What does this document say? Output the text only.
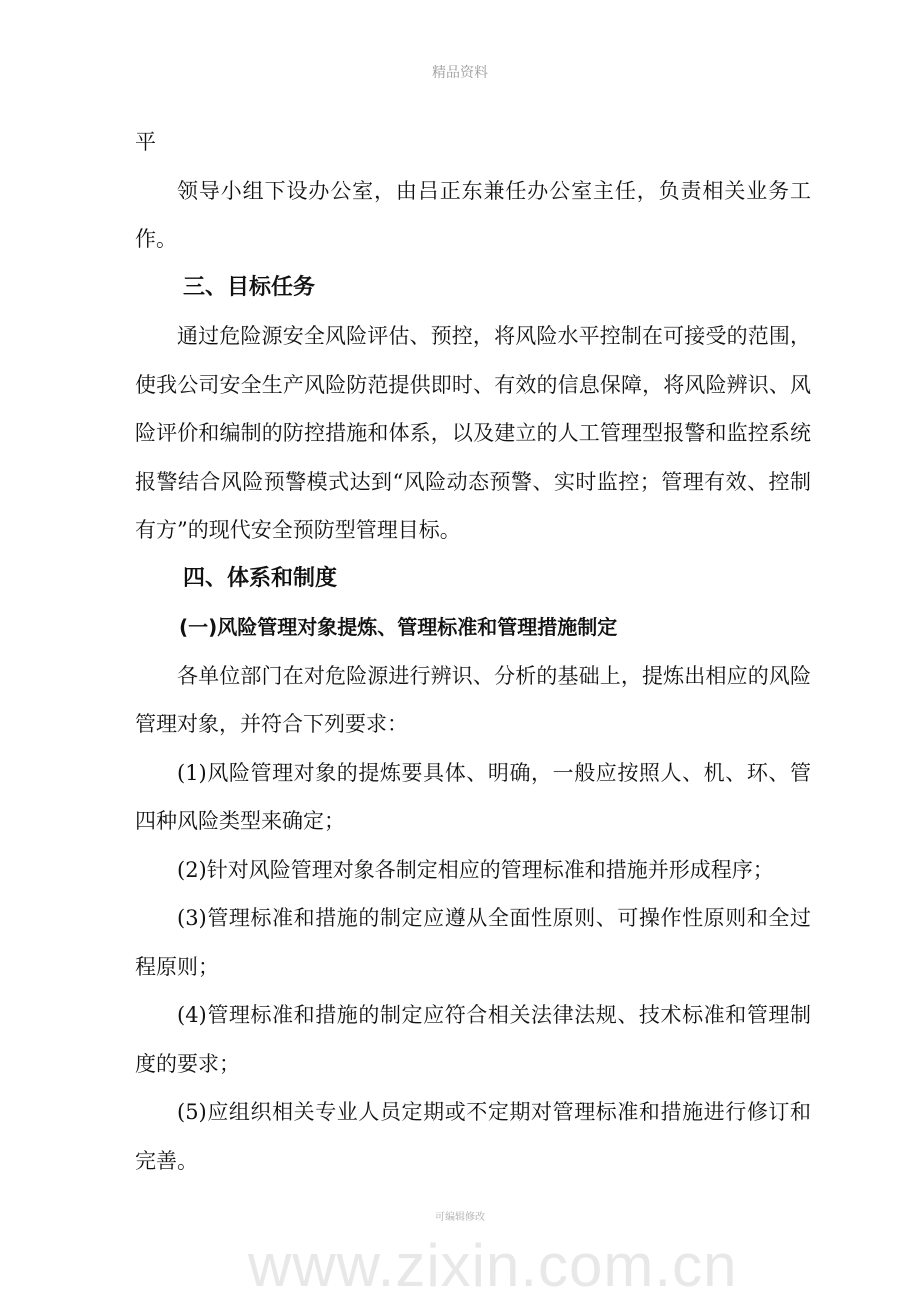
精品资料

平

领导小组下设办公室，由吕正东兼任办公室主任，负责相关业务工作。

三、目标任务

通过危险源安全风险评估、预控，将风险水平控制在可接受的范围，使我公司安全生产风险防范提供即时、有效的信息保障，将风险辨识、风险评价和编制的防控措施和体系，以及建立的人工管理型报警和监控系统报警结合风险预警模式达到“风险动态预警、实时监控；管理有效、控制有方”的现代安全预防型管理目标。

四、体系和制度
(一)风险管理对象提炼、管理标准和管理措施制定

各单位部门在对危险源进行辨识、分析的基础上，提炼出相应的风险管理对象，并符合下列要求：

(1)风险管理对象的提炼要具体、明确，一般应按照人、机、环、管四种风险类型来确定；

(2)针对风险管理对象各制定相应的管理标准和措施并形成程序；

(3)管理标准和措施的制定应遵从全面性原则、可操作性原则和全过程原则；

(4)管理标准和措施的制定应符合相关法律法规、技术标准和管理制度的要求；

(5)应组织相关专业人员定期或不定期对管理标准和措施进行修订和完善。

可编辑修改
www.zixin.com.cn
